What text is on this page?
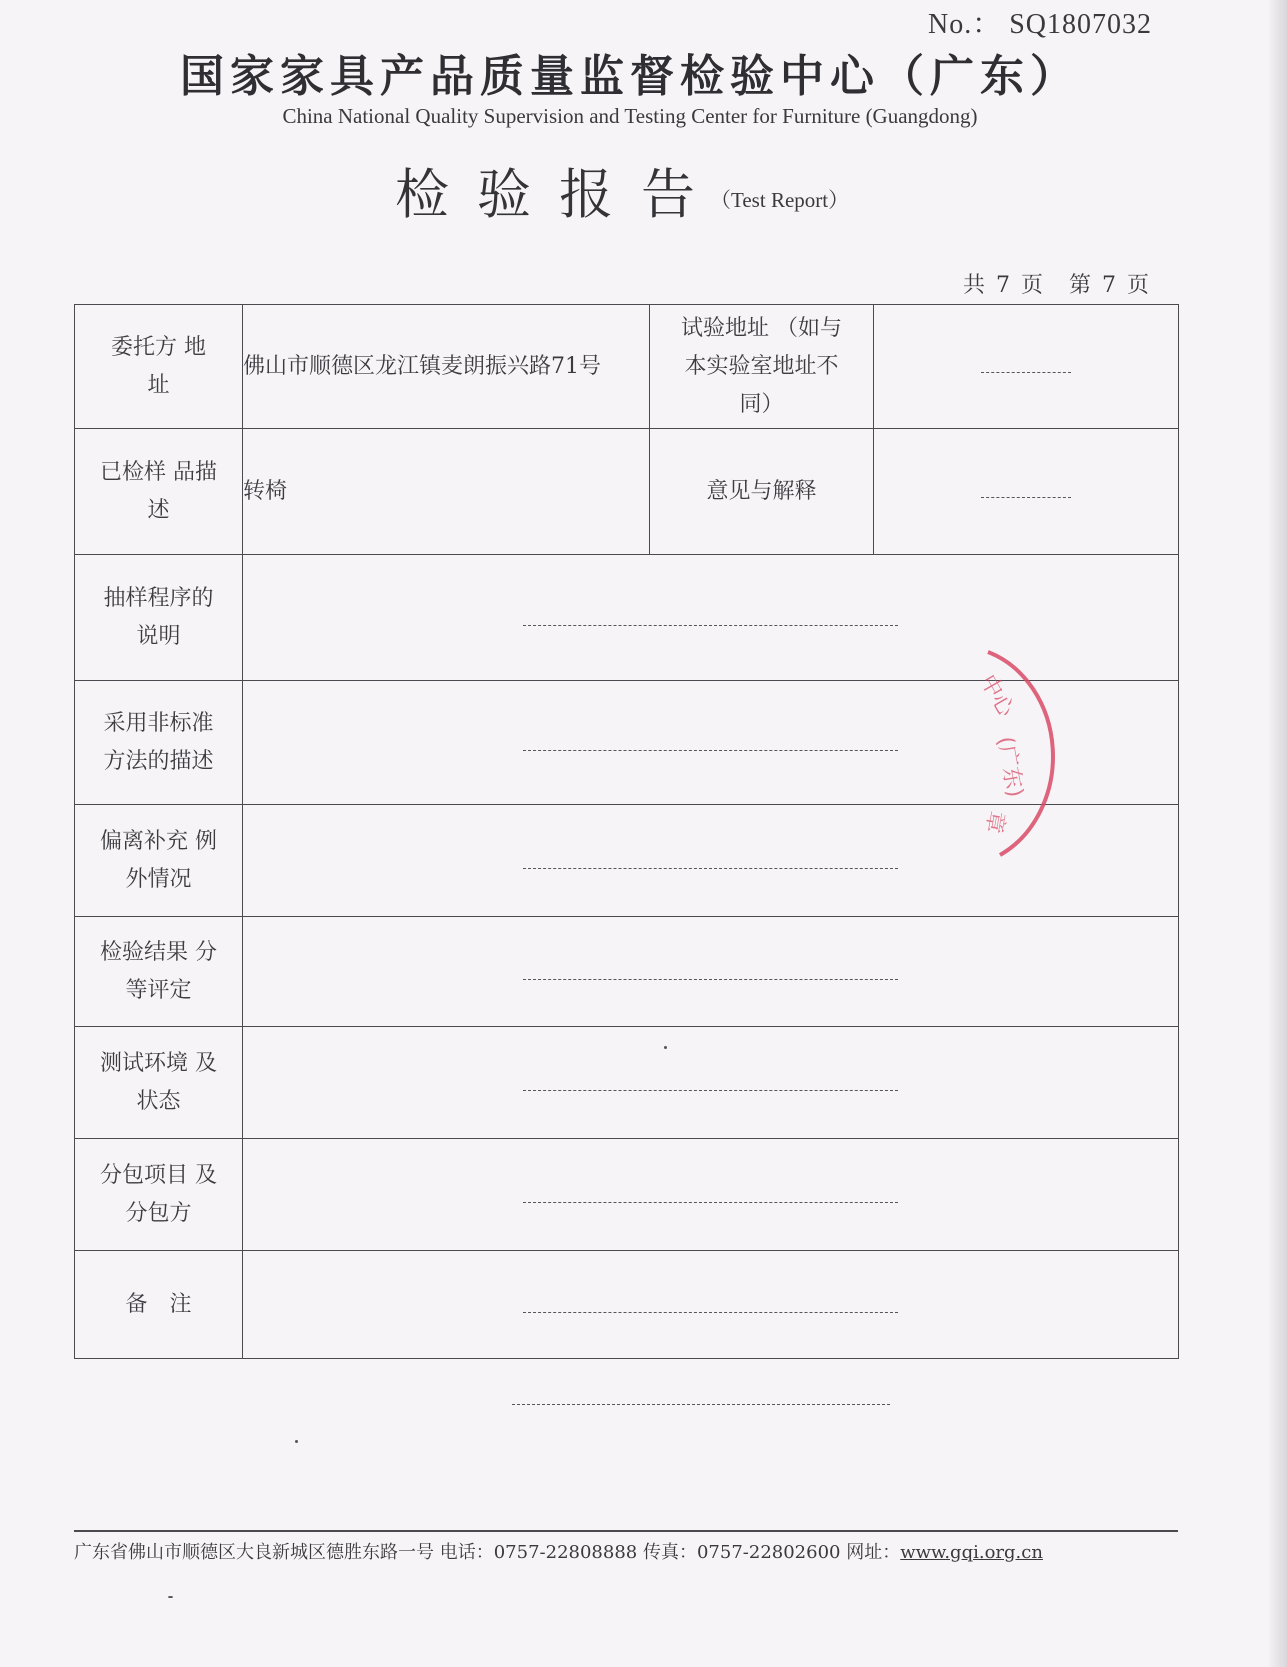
No.： SQ1807032
国家家具产品质量监督检验中心（广东）
China National Quality Supervision and Testing Center for Furniture (Guangdong)
检验报告
（Test Report）
共 7 页　第 7 页
委托方 地　址	佛山市顺德区龙江镇麦朗振兴路71号	试验地址 （如与本实验室地址不同）	
已检样 品描述	转椅	意见与解释	
抽样程序的 说明	
采用非标准 方法的描述	
偏离补充 例外情况	
检验结果 分等评定	
测试环境 及状态	
分包项目 及分包方	
备　注	
中心
(广东)
章
广东省佛山市顺德区大良新城区德胜东路一号 电话：0757-22808888 传真：0757-22802600 网址：www.gqi.org.cn
